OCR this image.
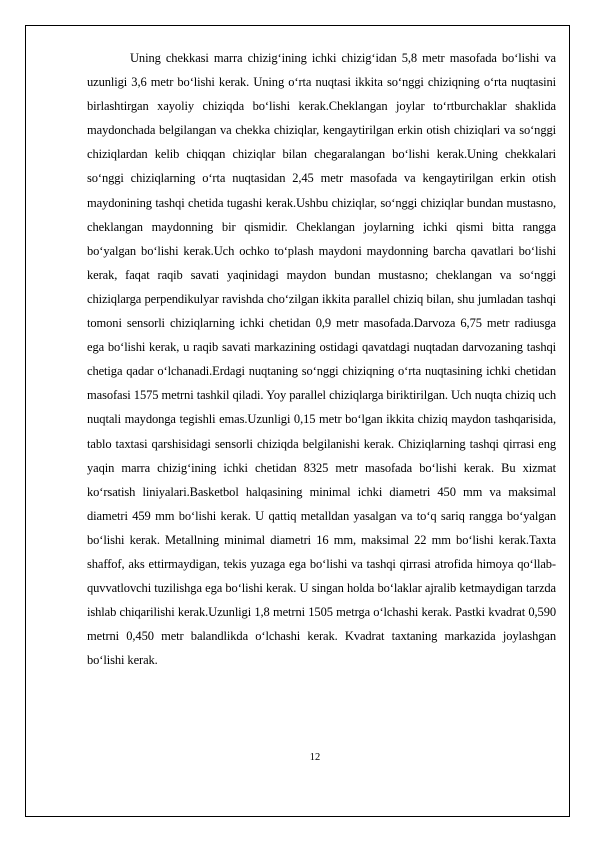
Uning chekkasi marra chizig‘ining ichki chizig‘idan 5,8 metr masofada bo‘lishi va uzunligi 3,6 metr bo‘lishi kerak. Uning o‘rta nuqtasi ikkita so‘nggi chiziqning o‘rta nuqtasini birlashtirgan xayoliy chiziqda bo‘lishi kerak.Cheklangan joylar to‘rtburchaklar shaklida maydonchada belgilangan va chekka chiziqlar, kengaytirilgan erkin otish chiziqlari va so‘nggi chiziqlardan kelib chiqqan chiziqlar bilan chegaralangan bo‘lishi kerak.Uning chekkalari so‘nggi chiziqlarning o‘rta nuqtasidan 2,45 metr masofada va kengaytirilgan erkin otish maydonining tashqi chetida tugashi kerak.Ushbu chiziqlar, so‘nggi chiziqlar bundan mustasno, cheklangan maydonning bir qismidir. Cheklangan joylarning ichki qismi bitta rangga bo‘yalgan bo‘lishi kerak.Uch ochko to‘plash maydoni maydonning barcha qavatlari bo‘lishi kerak, faqat raqib savati yaqinidagi maydon bundan mustasno; cheklangan va so‘nggi chiziqlarga perpendikulyar ravishda cho‘zilgan ikkita parallel chiziq bilan, shu jumladan tashqi tomoni sensorli chiziqlarning ichki chetidan 0,9 metr masofada.Darvoza 6,75 metr radiusga ega bo‘lishi kerak, u raqib savati markazining ostidagi qavatdagi nuqtadan darvozaning tashqi chetiga qadar o‘lchanadi.Erdagi nuqtaning so‘nggi chiziqning o‘rta nuqtasining ichki chetidan masofasi 1575 metrni tashkil qiladi. Yoy parallel chiziqlarga biriktirilgan. Uch nuqta chiziq uch nuqtali maydonga tegishli emas.Uzunligi 0,15 metr bo‘lgan ikkita chiziq maydon tashqarisida, tablo taxtasi qarshisidagi sensorli chiziqda belgilanishi kerak. Chiziqlarning tashqi qirrasi eng yaqin marra chizig‘ining ichki chetidan 8325 metr masofada bo‘lishi kerak. Bu xizmat ko‘rsatish liniyalari.Basketbol halqasining minimal ichki diametri 450 mm va maksimal diametri 459 mm bo‘lishi kerak. U qattiq metalldan yasalgan va to‘q sariq rangga bo‘yalgan bo‘lishi kerak. Metallning minimal diametri 16 mm, maksimal 22 mm bo‘lishi kerak.Taxta shaffof, aks ettirmaydigan, tekis yuzaga ega bo‘lishi va tashqi qirrasi atrofida himoya qo‘llab-quvvatlovchi tuzilishga ega bo‘lishi kerak. U singan holda bo‘laklar ajralib ketmaydigan tarzda ishlab chiqarilishi kerak.Uzunligi 1,8 metrni 1505 metrga o‘lchashi kerak. Pastki kvadrat 0,590 metrni 0,450 metr balandlikda o‘lchashi kerak. Kvadrat taxtaning markazida joylashgan bo‘lishi kerak.

12
